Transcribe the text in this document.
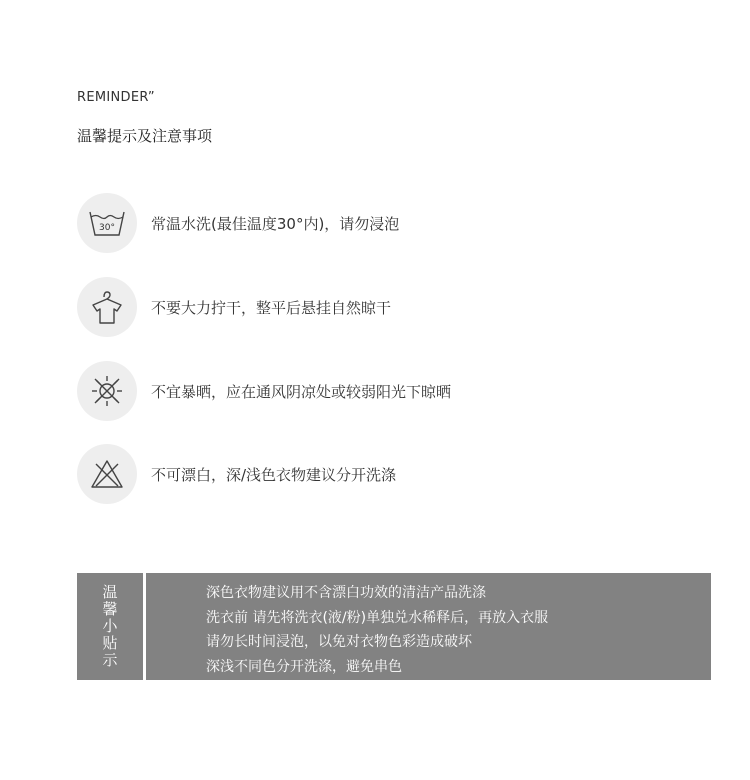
REMINDER”
温馨提示及注意事项
30° 常温水洗(最佳温度30°内)，请勿浸泡
不要大力拧干，整平后悬挂自然晾干
不宜暴晒，应在通风阴凉处或较弱阳光下晾晒
不可漂白，深/浅色衣物建议分开洗涤
温
馨
小
贴
示
深色衣物建议用不含漂白功效的清洁产品洗涤
洗衣前 请先将洗衣(液/粉)单独兑水稀释后，再放入衣服
请勿长时间浸泡，以免对衣物色彩造成破坏
深浅不同色分开洗涤，避免串色
